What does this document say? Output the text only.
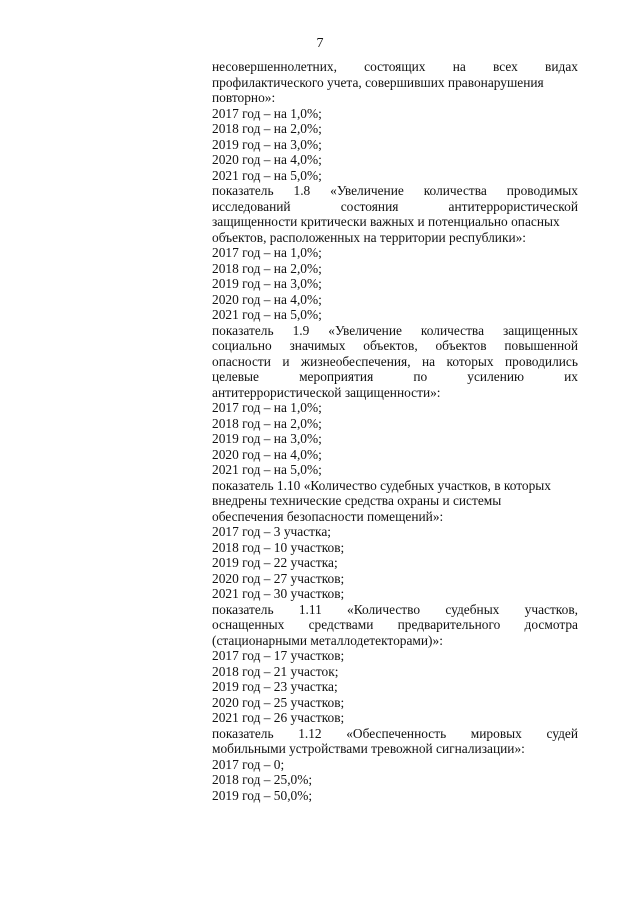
7
несовершеннолетних, состоящих на всех видах
профилактического учета, совершивших правонарушения
повторно»:
2017 год – на 1,0%;
2018 год – на 2,0%;
2019 год – на 3,0%;
2020 год – на 4,0%;
2021 год – на 5,0%;
показатель 1.8 «Увеличение количества проводимых
исследований состояния антитеррористической
защищенности критически важных и потенциально опасных
объектов, расположенных на территории республики»:
2017 год – на 1,0%;
2018 год – на 2,0%;
2019 год – на 3,0%;
2020 год – на 4,0%;
2021 год – на 5,0%;
показатель 1.9 «Увеличение количества защищенных
социально значимых объектов, объектов повышенной
опасности и жизнеобеспечения, на которых проводились
целевые мероприятия по усилению их
антитеррористической защищенности»:
2017 год – на 1,0%;
2018 год – на 2,0%;
2019 год – на 3,0%;
2020 год – на 4,0%;
2021 год – на 5,0%;
показатель 1.10 «Количество судебных участков, в которых
внедрены технические средства охраны и системы
обеспечения безопасности помещений»:
2017 год – 3 участка;
2018 год – 10 участков;
2019 год – 22 участка;
2020 год – 27 участков;
2021 год – 30 участков;
показатель 1.11 «Количество судебных участков,
оснащенных средствами предварительного досмотра
(стационарными металлодетекторами)»:
2017 год – 17 участков;
2018 год – 21 участок;
2019 год – 23 участка;
2020 год – 25 участков;
2021 год – 26 участков;
показатель 1.12 «Обеспеченность мировых судей
мобильными устройствами тревожной сигнализации»:
2017 год – 0;
2018 год – 25,0%;
2019 год – 50,0%;
